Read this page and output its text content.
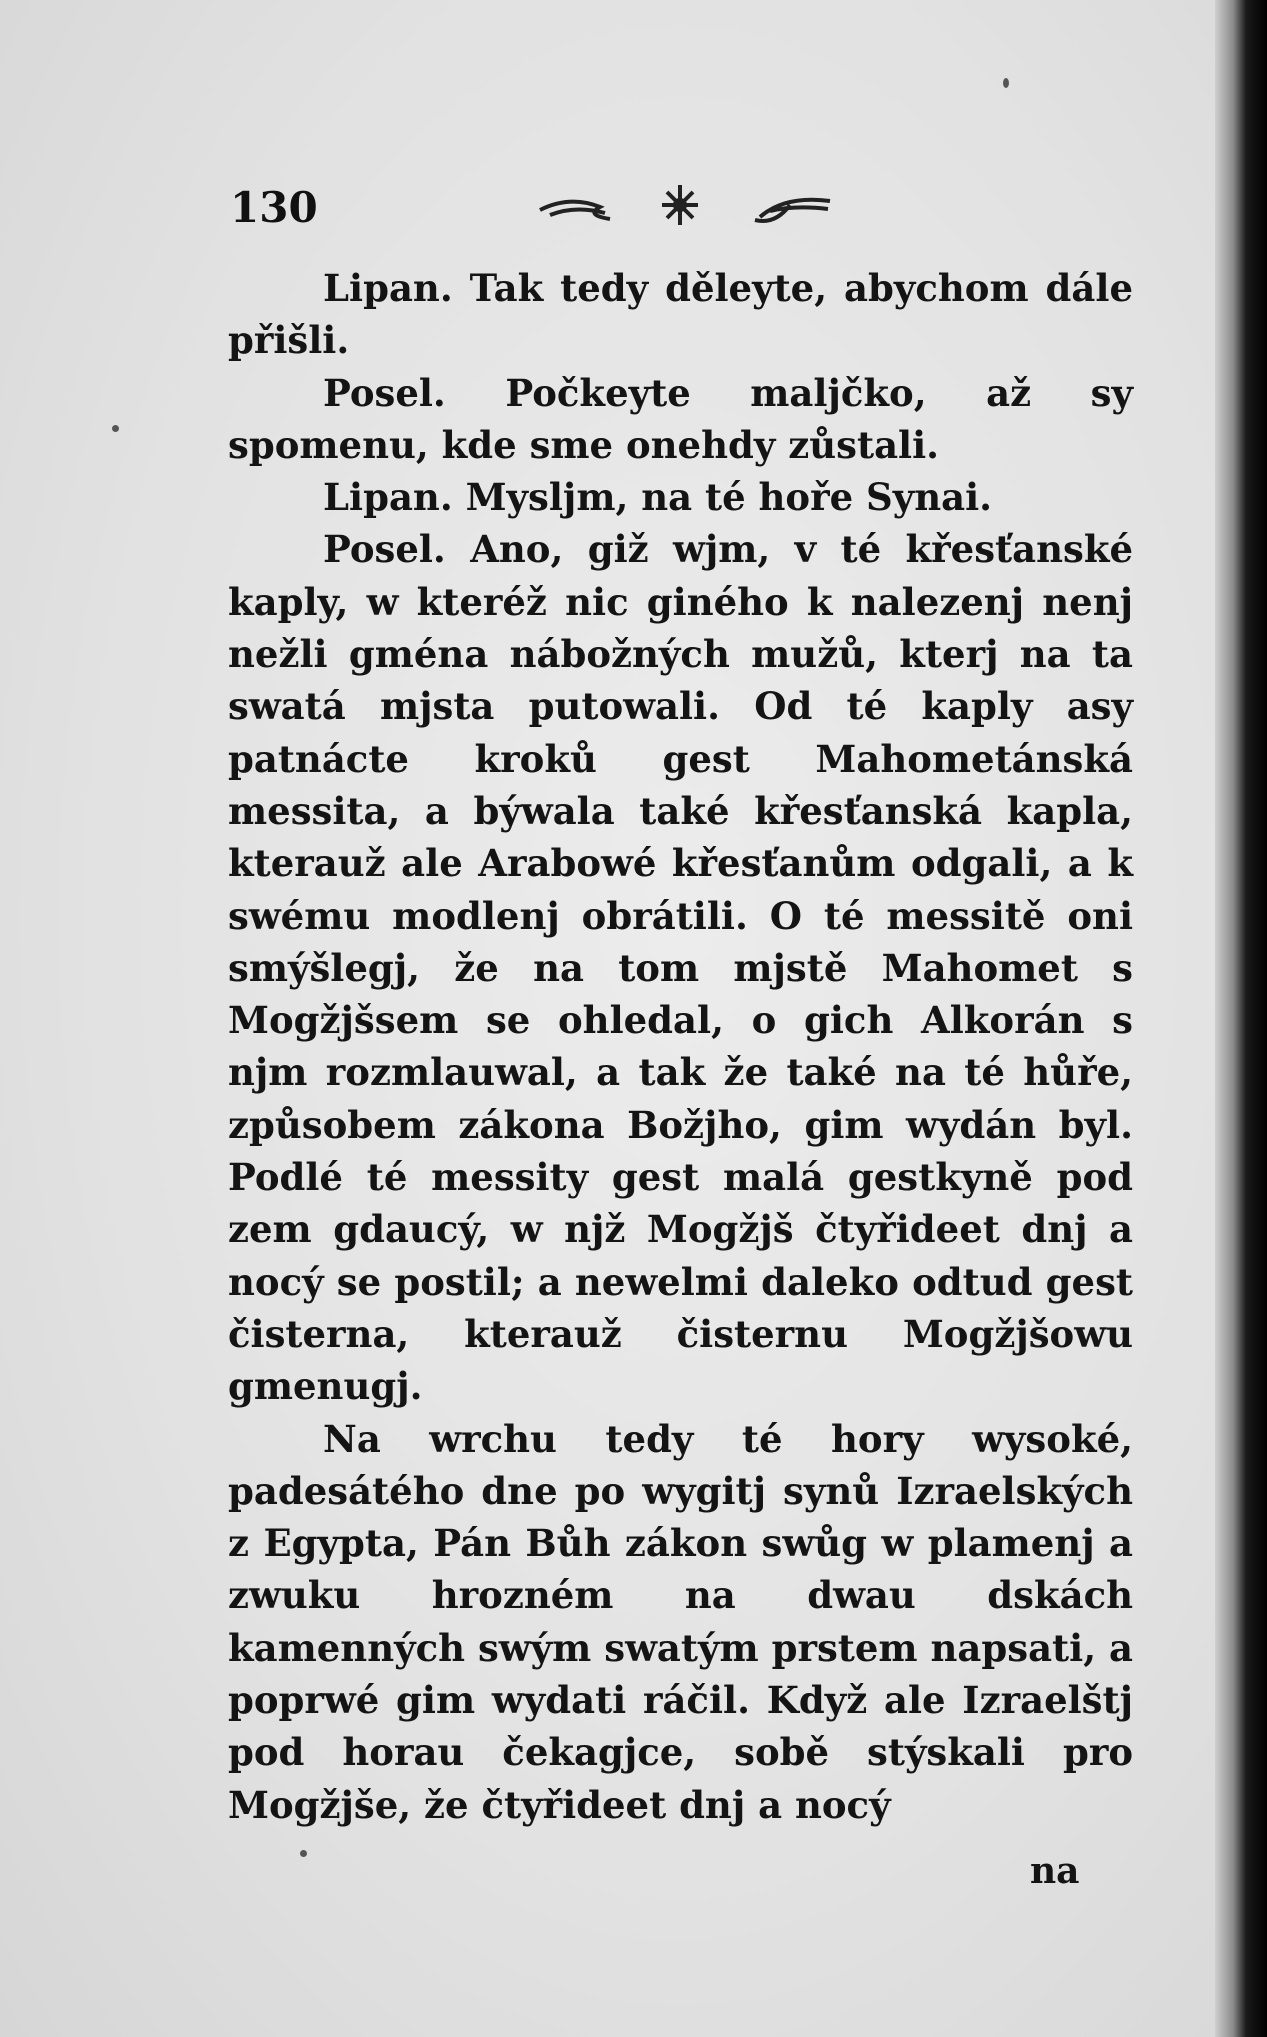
130

Lipan. Tak tedy děleyte, abychom dále přišli.

Posel. Počkeyte malјčko, až sy spomenu, kde sme onehdy zůstali.

Lipan. Mysljm, na té hoře Synai.

Posel. Ano, giž wjm, v té křesťanské kaply, w kteréž nic giného k nalezenj nenj nežli gména nábožných mužů, kterj na ta swatá mjsta putowali. Od té kaply asy patnácte kroků gest Mahometánská messita, a býwala také křesťanská kapla, kterauž ale Arabowé křesťanům odgali, a k swému modlenj obrátili. O té messitě oni smýšlegj, že na tom mjstě Mahomet s Mogžjšsem se ohledal, o gich Alkorán s njm rozmlauwal, a tak že také na té hůře, způsobem zákona Božjho, gim wydán byl. Podlé té messity gest malá gestkyně pod zem gdaucý, w njž Mogžjš čtyřideet dnj a nocý se postil; a newelmi daleko odtud gest čisterna, kterauž čisternu Mogžjšowu gmenugj.

Na wrchu tedy té hory wysoké, padesátého dne po wygitj synů Izraelských z Egypta, Pán Bůh zákon swůg w plamenj a zwuku hrozném na dwau dskách kamenných swým swatým prstem napsati, a poprwé gim wydati ráčil. Když ale Izraelštj pod horau čekagjce, sobě stýskali pro Mogžjše, že čtyřideet dnj a nocý

na
